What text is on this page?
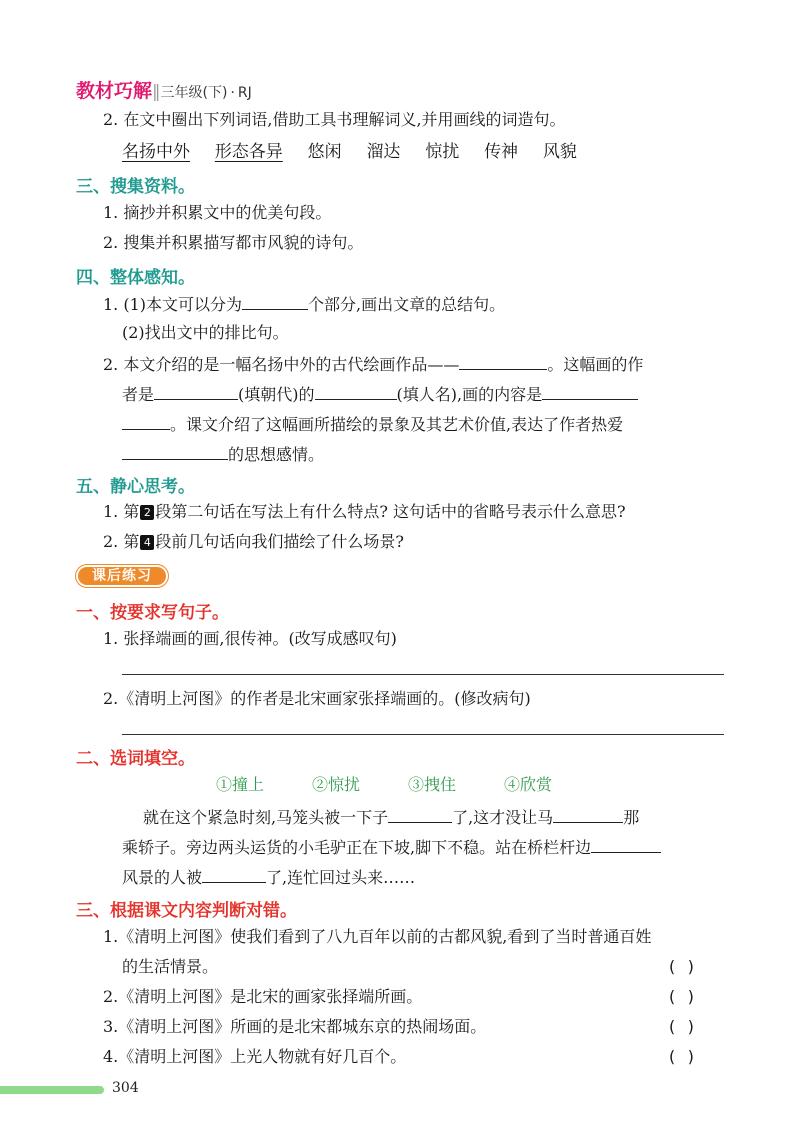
教材巧解‖三年级(下) · RJ
2. 在文中圈出下列词语,借助工具书理解词义,并用画线的词造句。
名扬中外 形态各异 悠闲 溜达 惊扰 传神 风貌
三、搜集资料。
1. 摘抄并积累文中的优美句段。
2. 搜集并积累描写都市风貌的诗句。
四、整体感知。
1. (1)本文可以分为	个部分,画出文章的总结句。
(2)找出文中的排比句。
2. 本文介绍的是一幅名扬中外的古代绘画作品——	。这幅画的作
者是	(填朝代)的	(填人名),画的内容是
。课文介绍了这幅画所描绘的景象及其艺术价值,表达了作者热爱
的思想感情。
五、静心思考。
1. 第 2 段第二句话在写法上有什么特点? 这句话中的省略号表示什么意思?
2. 第 4 段前几句话向我们描绘了什么场景?
课后练习
一、按要求写句子。
1. 张择端画的画,很传神。(改写成感叹句)
2.《清明上河图》的作者是北宋画家张择端画的。(修改病句)
二、选词填空。
①撞上	②惊扰	③拽住	④欣赏
就在这个紧急时刻,马笼头被一下子	了,这才没让马	那
乘轿子。旁边两头运货的小毛驴正在下坡,脚下不稳。站在桥栏杆边
风景的人被	了,连忙回过头来……
三、根据课文内容判断对错。
1.《清明上河图》使我们看到了八九百年以前的古都风貌,看到了当时普通百姓
的生活情景。	( )
2.《清明上河图》是北宋的画家张择端所画。	( )
3.《清明上河图》所画的是北宋都城东京的热闹场面。	( )
4.《清明上河图》上光人物就有好几百个。	( )
304
